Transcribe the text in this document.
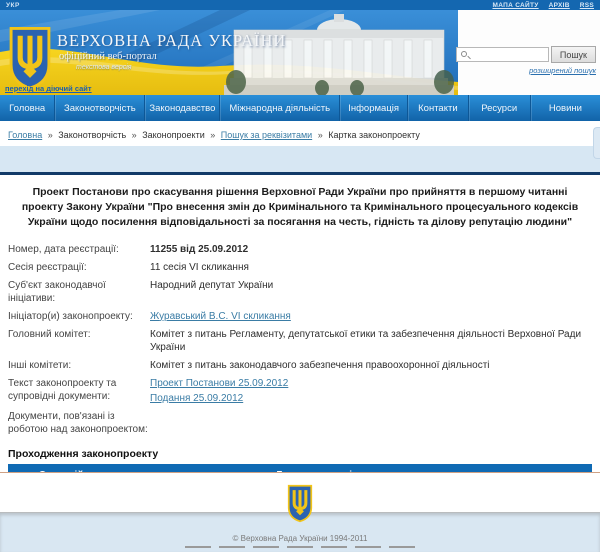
УКР	МАПА САЙТУ АРХІВ RSS
ВЕРХОВНА РАДА УКРАЇНИ
офіційний веб-портал
текстова версія
перехід на діючий сайт
Пошук
розширений пошук
Головна	Законотворчість	Законодавство	Міжнародна діяльність	Інформація	Контакти	Ресурси	Новини
Головна » Законотворчість » Законопроекти » Пошук за реквізитами » Картка законопроекту
Проект Постанови про скасування рішення Верховної Ради України про прийняття в першому читанні проекту Закону України "Про внесення змін до Кримінального та Кримінального процесуального кодексів України щодо посилення відповідальності за посягання на честь, гідність та ділову репутацію людини"
Номер, дата реєстрації:	11255 від 25.09.2012
Сесія реєстрації:	11 сесія VI скликання
Суб'єкт законодавчої ініціативи:
Народний депутат України
Ініціатор(и) законопроекту:	Журавський В.С. VI скликання
Головний комітет:	Комітет з питань Регламенту, депутатської етики та забезпечення діяльності Верховної Ради України
Інші комітети:	Комітет з питань законодавчого забезпечення правоохоронної діяльності
Текст законопроекту та супровідні документи:
Проект Постанови 25.09.2012
Подання 25.09.2012
Документи, пов'язані із роботою над законопроектом:
Проходження законопроекту
© Верховна Рада України 1994-2011
